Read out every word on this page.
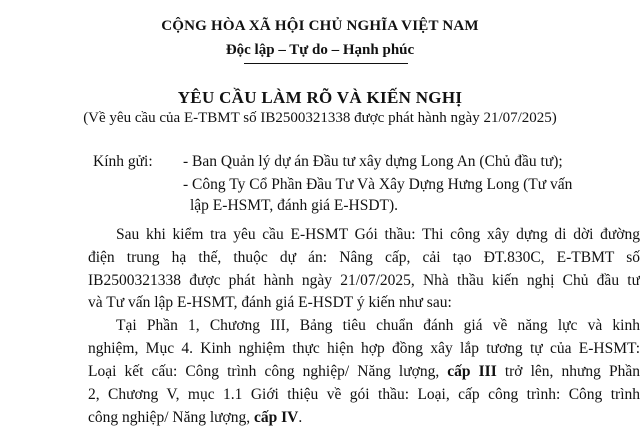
CỘNG HÒA XÃ HỘI CHỦ NGHĨA VIỆT NAM
Độc lập – Tự do – Hạnh phúc
YÊU CẦU LÀM RÕ VÀ KIẾN NGHỊ
(Về yêu cầu của E-TBMT số IB2500321338 được phát hành ngày 21/07/2025)
Kính gửi: - Ban Quản lý dự án Đầu tư xây dựng Long An (Chủ đầu tư);
- Công Ty Cổ Phần Đầu Tư Và Xây Dựng Hưng Long (Tư vấn
lập E-HSMT, đánh giá E-HSDT).
Sau khi kiểm tra yêu cầu E-HSMT Gói thầu: Thi công xây dựng di dời đường
điện trung hạ thế, thuộc dự án: Nâng cấp, cải tạo ĐT.830C, E-TBMT số
IB2500321338 được phát hành ngày 21/07/2025, Nhà thầu kiến nghị Chủ đầu tư
và Tư vấn lập E-HSMT, đánh giá E-HSDT ý kiến như sau:
Tại Phần 1, Chương III, Bảng tiêu chuẩn đánh giá về năng lực và kinh
nghiệm, Mục 4. Kinh nghiệm thực hiện hợp đồng xây lắp tương tự của E-HSMT:
Loại kết cấu: Công trình công nghiệp/ Năng lượng, cấp III trở lên, nhưng Phần
2, Chương V, mục 1.1 Giới thiệu về gói thầu: Loại, cấp công trình: Công trình
công nghiệp/ Năng lượng, cấp IV.
